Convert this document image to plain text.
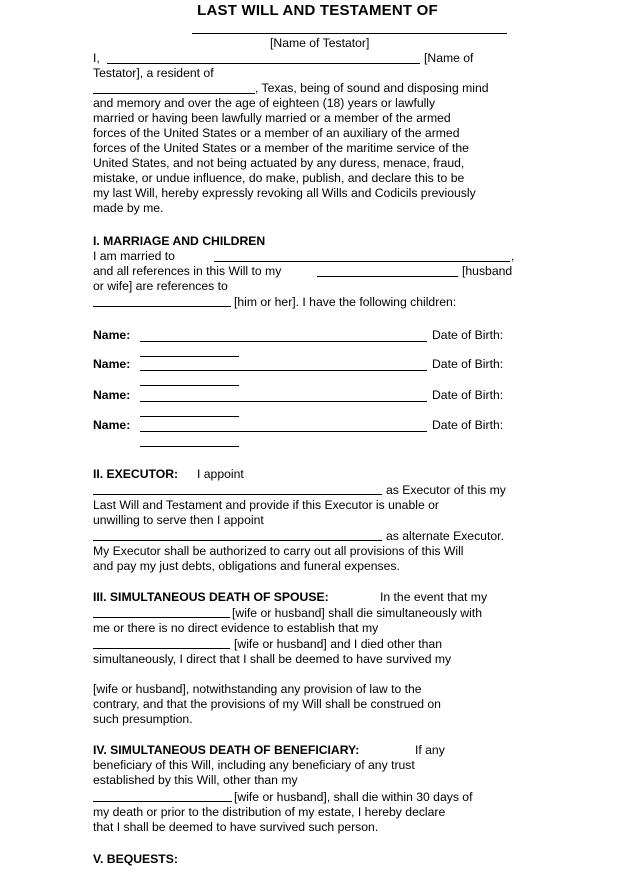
LAST WILL AND TESTAMENT OF
[Name of Testator]
I,	[Name of
Testator], a resident of
, Texas, being of sound and disposing mind
and memory and over the age of eighteen (18) years or lawfully
married or having been lawfully married or a member of the armed
forces of the United States or a member of an auxiliary of the armed
forces of the United States or a member of the maritime service of the
United States, and not being actuated by any duress, menace, fraud,
mistake, or undue influence, do make, publish, and declare this to be
my last Will, hereby expressly revoking all Wills and Codicils previously
made by me.
I. MARRIAGE AND CHILDREN
I am married to	,
and all references in this Will to my	[husband
or wife] are references to
[him or her]. I have the following children:
Name:	Date of Birth:
Name:	Date of Birth:
Name:	Date of Birth:
Name:	Date of Birth:
II. EXECUTOR: I appoint
as Executor of this my
Last Will and Testament and provide if this Executor is unable or
unwilling to serve then I appoint
as alternate Executor.
My Executor shall be authorized to carry out all provisions of this Will
and pay my just debts, obligations and funeral expenses.
III. SIMULTANEOUS DEATH OF SPOUSE:	In the event that my
[wife or husband] shall die simultaneously with
me or there is no direct evidence to establish that my
[wife or husband] and I died other than
simultaneously, I direct that I shall be deemed to have survived my
[wife or husband], notwithstanding any provision of law to the
contrary, and that the provisions of my Will shall be construed on
such presumption.
IV. SIMULTANEOUS DEATH OF BENEFICIARY:	If any
beneficiary of this Will, including any beneficiary of any trust
established by this Will, other than my
[wife or husband], shall die within 30 days of
my death or prior to the distribution of my estate, I hereby declare
that I shall be deemed to have survived such person.
V. BEQUESTS:
